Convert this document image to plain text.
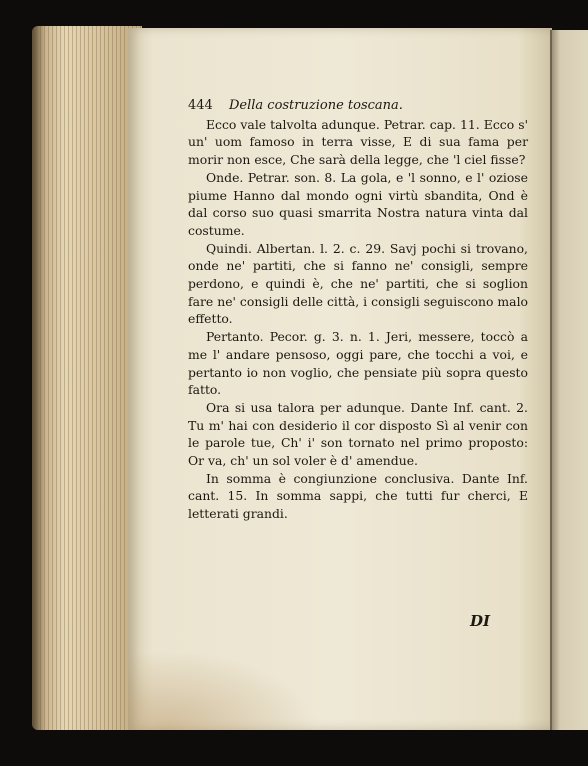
444 Della costruzione toscana.

Ecco vale talvolta adunque. Petrar. cap. 11. Ecco s' un' uom famoso in terra visse, E di sua fama per morir non esce, Che sarà della legge, che 'l ciel fisse?

Onde. Petrar. son. 8. La gola, e 'l sonno, e l' oziose piume Hanno dal mondo ogni virtù sbandita, Ond è dal corso suo quasi smarrita Nostra natura vinta dal costume.

Quindi. Albertan. l. 2. c. 29. Savj pochi si trovano, onde ne' partiti, che si fanno ne' consigli, sempre perdono, e quindi è, che ne' partiti, che si soglion fare ne' consigli delle città, i consigli seguiscono malo effetto.

Pertanto. Pecor. g. 3. n. 1. Jeri, messere, toccò a me l' andare pensoso, oggi pare, che tocchi a voi, e pertanto io non voglio, che pensiate più sopra questo fatto.

Ora si usa talora per adunque. Dante Inf. cant. 2. Tu m' hai con desiderio il cor disposto Sì al venir con le parole tue, Ch' i' son tornato nel primo proposto: Or va, ch' un sol voler è d' amendue.

In somma è congiunzione conclusiva. Dante Inf. cant. 15. In somma sappi, che tutti fur cherci, E letterati grandi.

DI
